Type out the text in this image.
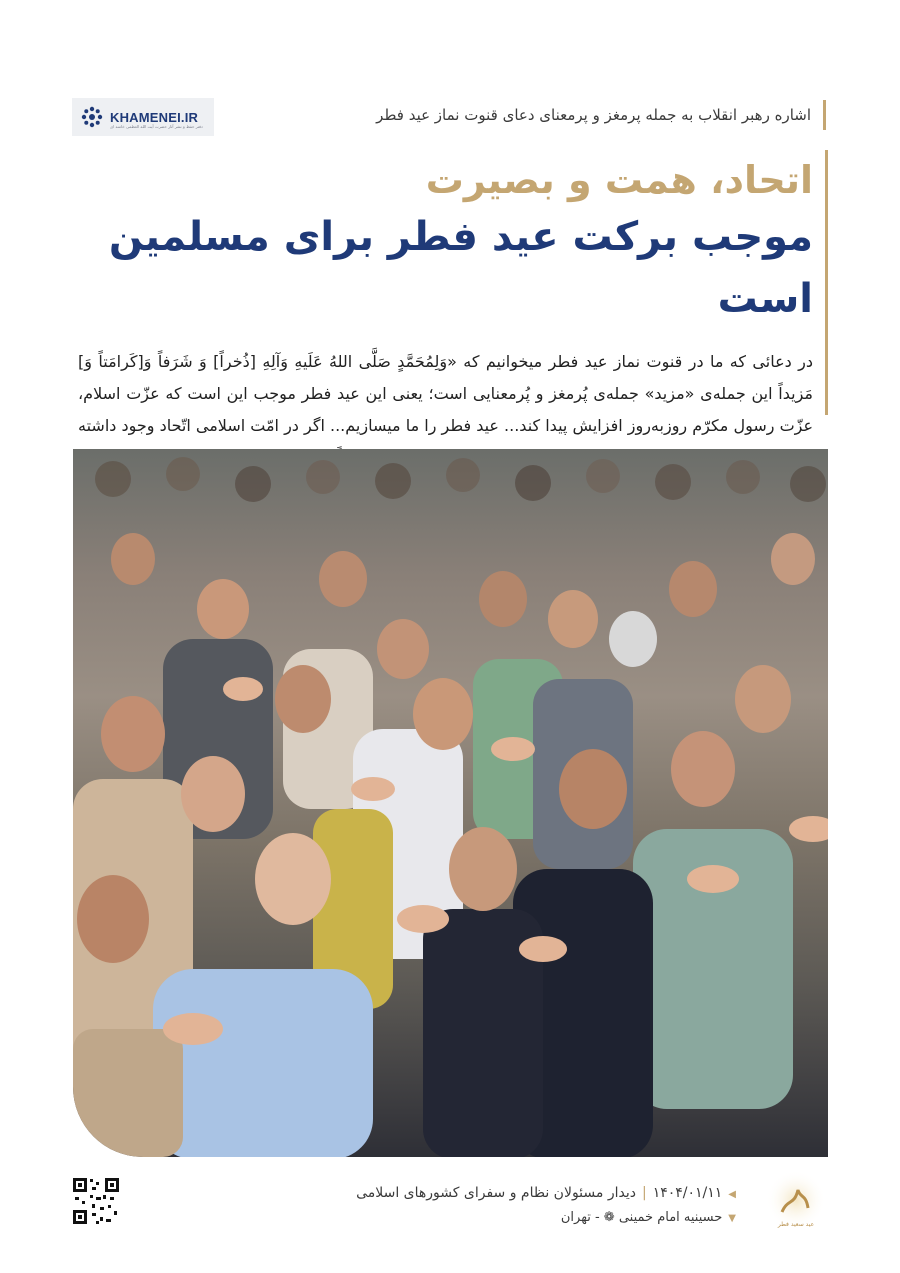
KHAMENEI.IR
دفتر حفظ و نشر آثار حضرت آیت الله العظمی خامنه ای
اشاره رهبر انقلاب به جمله پرمغز و پرمعنای دعای قنوت نماز عید فطر
اتحاد، همت و بصیرت
موجب برکت عید فطر برای مسلمین است
در دعائی که ما در قنوت نماز عید فطر میخوانیم که «وَلِمُحَمَّدٍ صَلَّی اللهُ عَلَیهِ وَآلِهِ [ذُخراً] وَ شَرَفاً وَ[کَرامَتاً وَ] مَزیداً این جمله‌ی «مزید» جمله‌ی پُرمغز و پُرمعنایی است؛ یعنی این عید فطر موجب این است که عزّت اسلام، عزّت رسول مکرّم روزبه‌روز افزایش پیدا کند... عید فطر را ما میسازیم... اگر در امّت اسلامی اتّحاد وجود داشته
◀۱۴۰۴/۰۱/۱۱|دیدار مسئولان نظام و سفرای کشورهای اسلامی
▼حسینیه امام خمینی ❁ - تهران	عید سعید فطر
